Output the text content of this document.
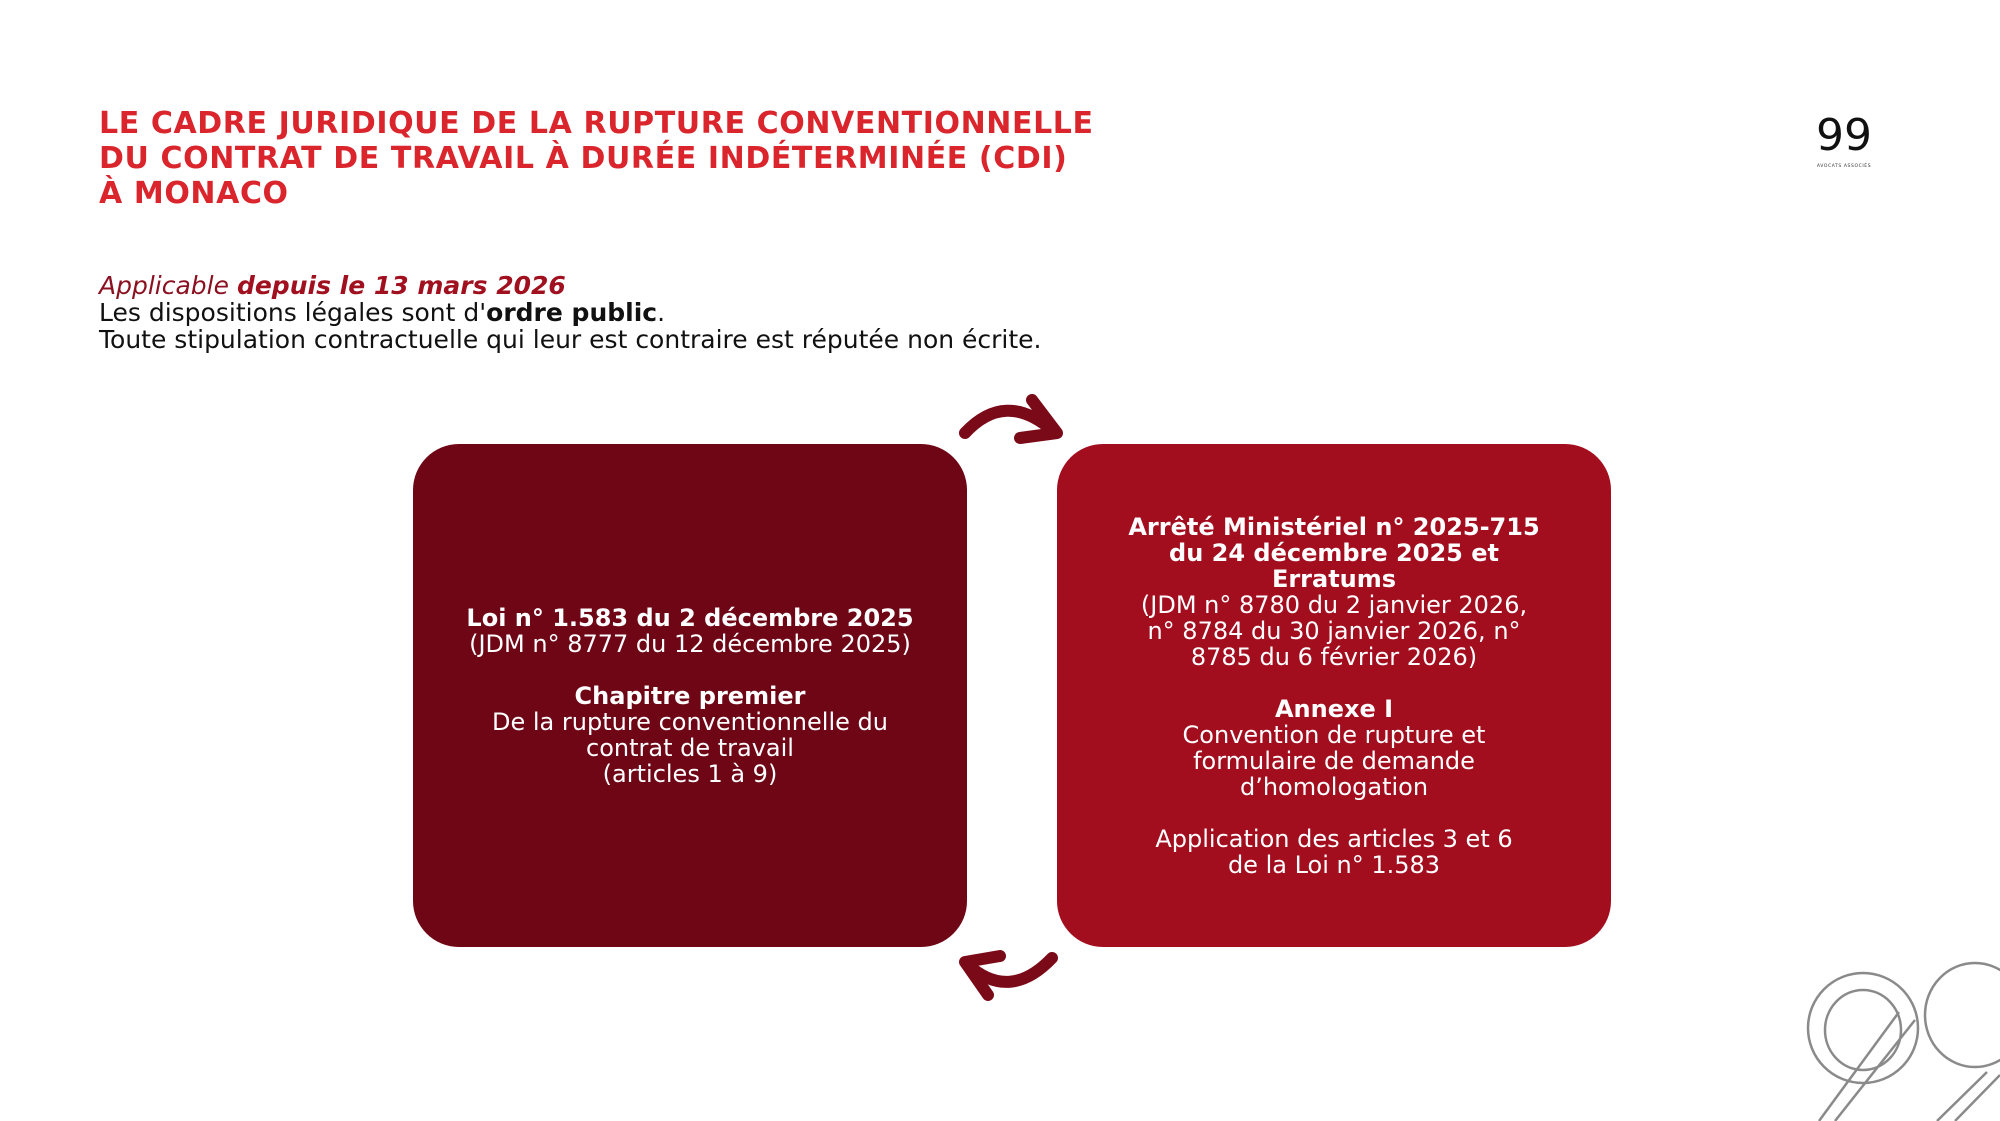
LE CADRE JURIDIQUE DE LA RUPTURE CONVENTIONNELLE
DU CONTRAT DE TRAVAIL À DURÉE INDÉTERMINÉE (CDI)
À MONACO
99
AVOCATS ASSOCIÉS
Applicable depuis le 13 mars 2026
Les dispositions légales sont d'ordre public.
Toute stipulation contractuelle qui leur est contraire est réputée non écrite.
Loi n° 1.583 du 2 décembre 2025
(JDM n° 8777 du 12 décembre 2025)
Chapitre premier
De la rupture conventionnelle du
contrat de travail
(articles 1 à 9)
Arrêté Ministériel n° 2025-715
du 24 décembre 2025 et
Erratums
(JDM n° 8780 du 2 janvier 2026,
n° 8784 du 30 janvier 2026, n°
8785 du 6 février 2026)
Annexe I
Convention de rupture et
formulaire de demande
d’homologation
Application des articles 3 et 6
de la Loi n° 1.583
